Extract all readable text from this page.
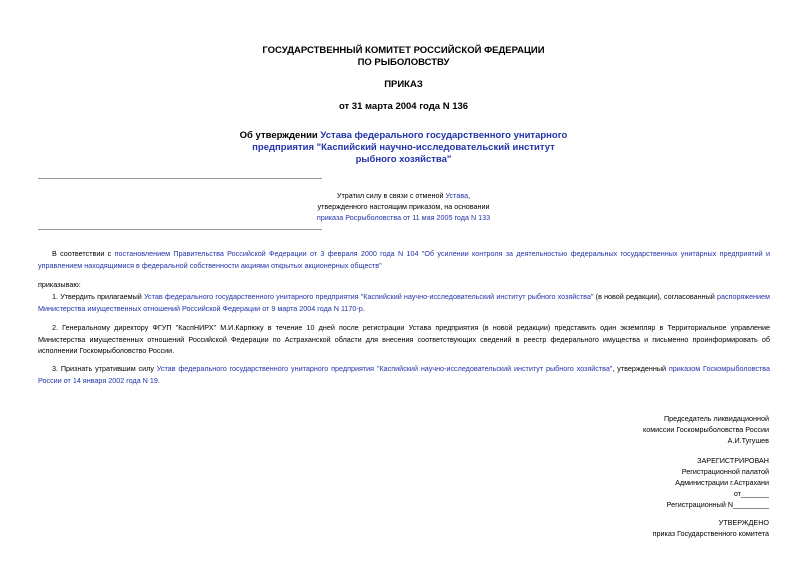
ГОСУДАРСТВЕННЫЙ КОМИТЕТ РОССИЙСКОЙ ФЕДЕРАЦИИ
ПО РЫБОЛОВСТВУ
ПРИКАЗ
от 31 марта 2004 года N 136
Об утверждении Устава федерального государственного унитарного
предприятия "Каспийский научно-исследовательский институт
рыбного хозяйства"
Утратил силу в связи с отменой Устава,
утвержденного настоящим приказом, на основании
приказа Росрыболовства от 11 мая 2005 года N 133
В соответствии с постановлением Правительства Российской Федерации от 3 февраля 2000 года N 104 "Об усилении контроля за деятельностью федеральных государственных унитарных предприятий и управлением находящимися в федеральной собственности акциями открытых акционерных обществ"
приказываю:
1. Утвердить прилагаемый Устав федерального государственного унитарного предприятия "Каспийский научно-исследовательский институт рыбного хозяйства" (в новой редакции), согласованный распоряжением Министерства имущественных отношений Российской Федерации от 9 марта 2004 года N 1170-р.
2. Генеральному директору ФГУП "КаспНИРХ" М.И.Карпюку в течение 10 дней после регистрации Устава предприятия (в новой редакции) представить один экземпляр в Территориальное управление Министерства имущественных отношений Российской Федерации по Астраханской области для внесения соответствующих сведений в реестр федерального имущества и письменно проинформировать об исполнении Госкомрыболовство России.
3. Признать утратившим силу Устав федерального государственного унитарного предприятия "Каспийский научно-исследовательский институт рыбного хозяйства", утвержденный приказом Госкомрыболовства России от 14 января 2002 года N 19.
Председатель ликвидационной
комиссии Госкомрыболовства России
А.И.Тугушев
ЗАРЕГИСТРИРОВАН
Регистрационной палатой
Администрации г.Астрахани
от_______
Регистрационный N_________
УТВЕРЖДЕНО
приказ Государственного комитета
